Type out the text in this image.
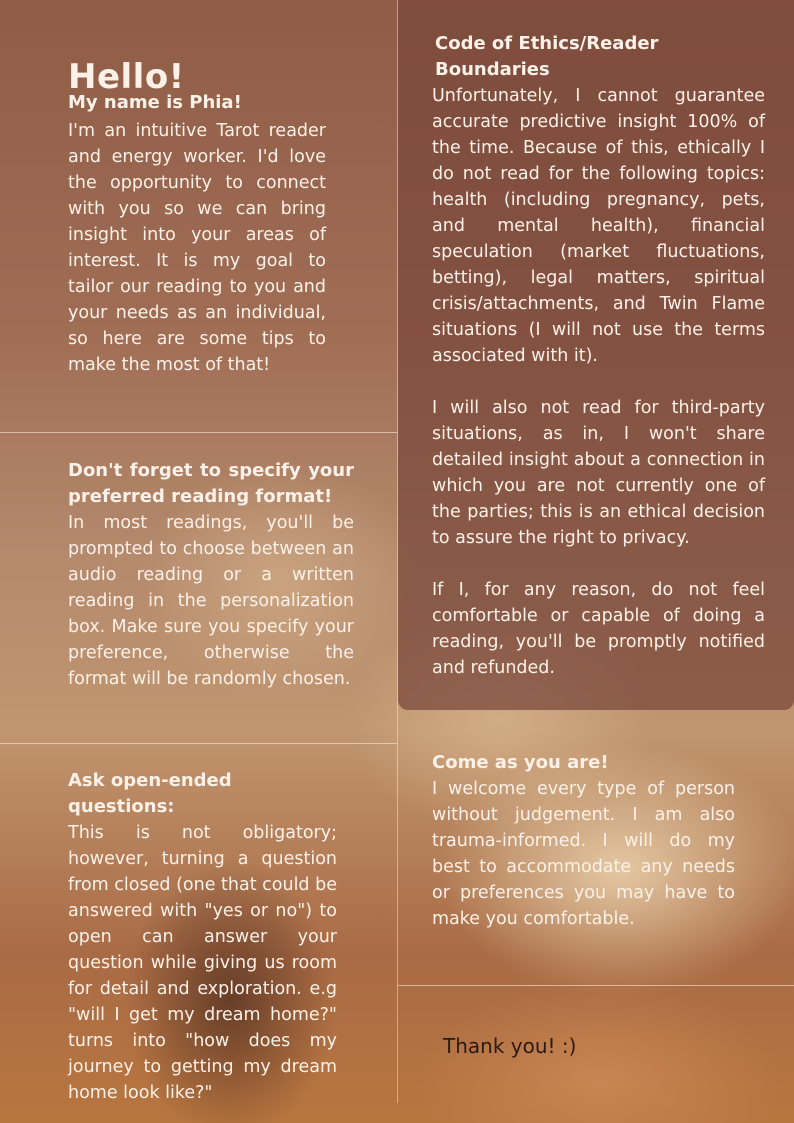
Hello!
My name is Phia!

I'm an intuitive Tarot reader and energy worker. I'd love the opportunity to connect with you so we can bring insight into your areas of interest. It is my goal to tailor our reading to you and your needs as an individual, so here are some tips to make the most of that!

Don't forget to specify your preferred reading format!

In most readings, you'll be prompted to choose between an audio reading or a written reading in the personalization box. Make sure you specify your preference, otherwise the format will be randomly chosen.

Ask open-ended questions:

This is not obligatory; however, turning a question from closed (one that could be answered with "yes or no") to open can answer your question while giving us room for detail and exploration. e.g "will I get my dream home?" turns into "how does my journey to getting my dream home look like?"

Code of Ethics/Reader Boundaries

Unfortunately, I cannot guarantee accurate predictive insight 100% of the time. Because of this, ethically I do not read for the following topics: health (including pregnancy, pets, and mental health), financial speculation (market fluctuations, betting), legal matters, spiritual crisis/attachments, and Twin Flame situations (I will not use the terms associated with it).

I will also not read for third-party situations, as in, I won't share detailed insight about a connection in which you are not currently one of the parties; this is an ethical decision to assure the right to privacy.

If I, for any reason, do not feel comfortable or capable of doing a reading, you'll be promptly notified and refunded.

Come as you are!

I welcome every type of person without judgement. I am also trauma-informed. I will do my best to accommodate any needs or preferences you may have to make you comfortable.

Thank you! :)
